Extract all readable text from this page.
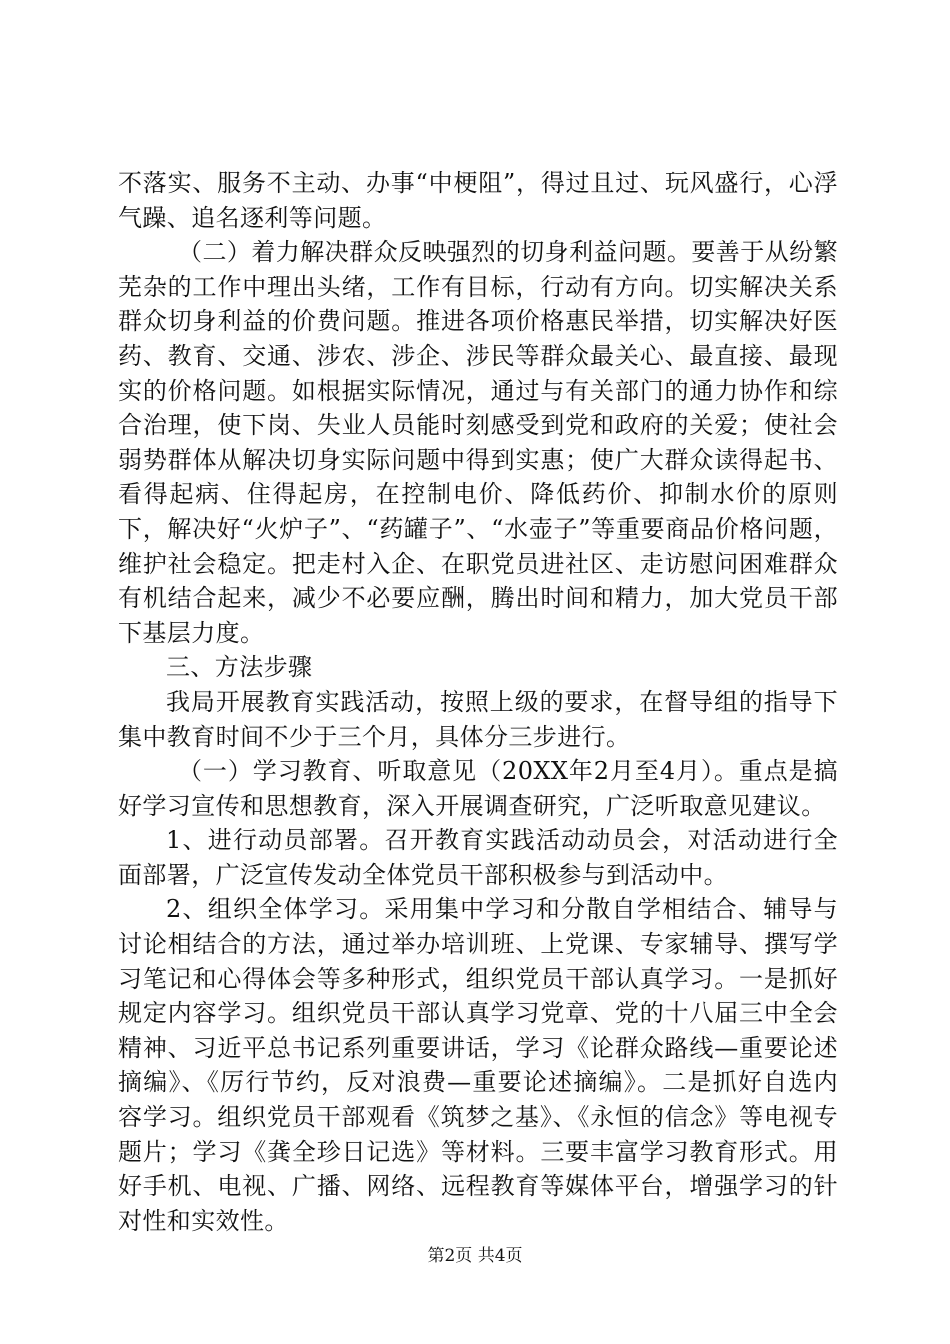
不落实、服务不主动、办事“中梗阻”，得过且过、玩风盛行，心浮气躁、追名逐利等问题。

（二）着力解决群众反映强烈的切身利益问题。要善于从纷繁芜杂的工作中理出头绪，工作有目标，行动有方向。切实解决关系群众切身利益的价费问题。推进各项价格惠民举措，切实解决好医药、教育、交通、涉农、涉企、涉民等群众最关心、最直接、最现实的价格问题。如根据实际情况，通过与有关部门的通力协作和综合治理，使下岗、失业人员能时刻感受到党和政府的关爱；使社会弱势群体从解决切身实际问题中得到实惠；使广大群众读得起书、看得起病、住得起房，在控制电价、降低药价、抑制水价的原则下，解决好“火炉子”、“药罐子”、“水壶子”等重要商品价格问题，维护社会稳定。把走村入企、在职党员进社区、走访慰问困难群众有机结合起来，减少不必要应酬，腾出时间和精力，加大党员干部下基层力度。

三、方法步骤

我局开展教育实践活动，按照上级的要求，在督导组的指导下集中教育时间不少于三个月，具体分三步进行。

（一）学习教育、听取意见（20XX年2月至4月）。重点是搞好学习宣传和思想教育，深入开展调查研究，广泛听取意见建议。

1、进行动员部署。召开教育实践活动动员会，对活动进行全面部署，广泛宣传发动全体党员干部积极参与到活动中。

2、组织全体学习。采用集中学习和分散自学相结合、辅导与讨论相结合的方法，通过举办培训班、上党课、专家辅导、撰写学习笔记和心得体会等多种形式，组织党员干部认真学习。一是抓好规定内容学习。组织党员干部认真学习党章、党的十八届三中全会精神、习近平总书记系列重要讲话，学习《论群众路线—重要论述摘编》、《厉行节约，反对浪费—重要论述摘编》。二是抓好自选内容学习。组织党员干部观看《筑梦之基》、《永恒的信念》等电视专题片；学习《龚全珍日记选》等材料。三要丰富学习教育形式。用好手机、电视、广播、网络、远程教育等媒体平台，增强学习的针对性和实效性。

第2页 共4页
